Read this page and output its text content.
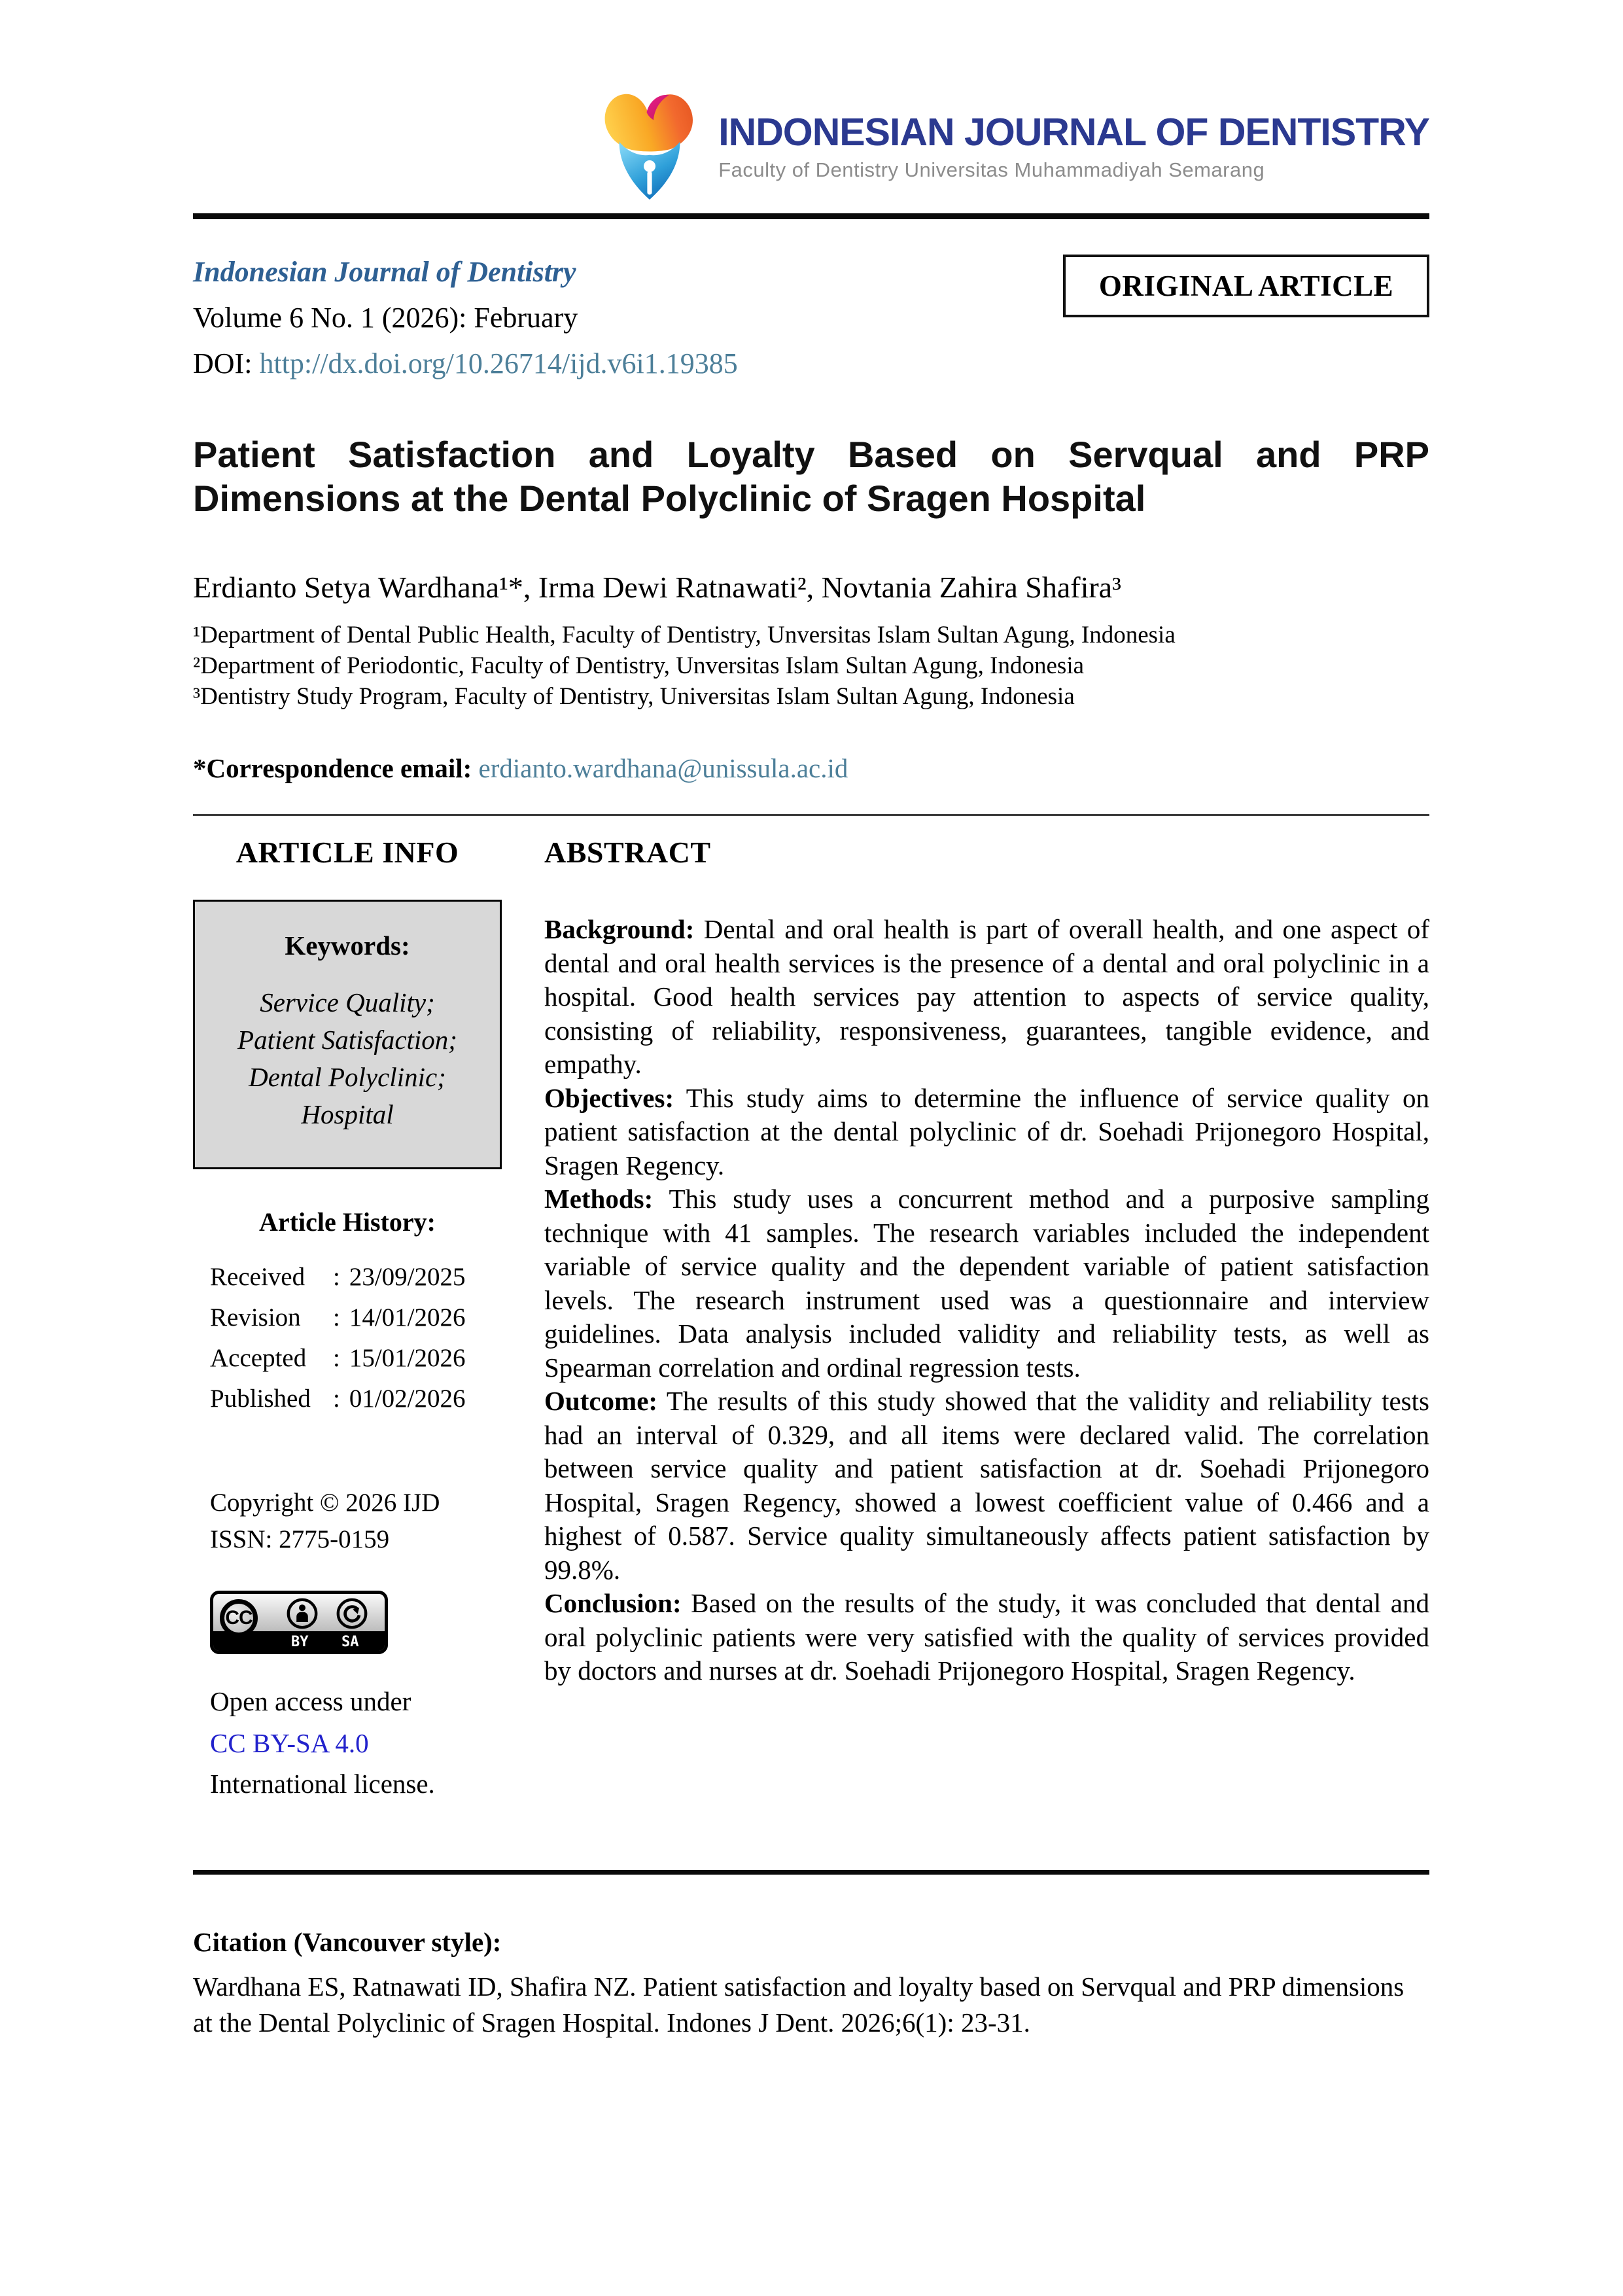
INDONESIAN JOURNAL OF DENTISTRY
Faculty of Dentistry Universitas Muhammadiyah Semarang
Indonesian Journal of Dentistry
Volume 6 No. 1 (2026): February
DOI: http://dx.doi.org/10.26714/ijd.v6i1.19385
ORIGINAL ARTICLE
Patient Satisfaction and Loyalty Based on Servqual and PRP Dimensions at the Dental Polyclinic of Sragen Hospital
Erdianto Setya Wardhana¹*, Irma Dewi Ratnawati², Novtania Zahira Shafira³
¹Department of Dental Public Health, Faculty of Dentistry, Unversitas Islam Sultan Agung, Indonesia
²Department of Periodontic, Faculty of Dentistry, Unversitas Islam Sultan Agung, Indonesia
³Dentistry Study Program, Faculty of Dentistry, Universitas Islam Sultan Agung, Indonesia
*Correspondence email: erdianto.wardhana@unissula.ac.id
ARTICLE INFO
Keywords:
Service Quality;
Patient Satisfaction;
Dental Polyclinic;
Hospital
Article History:
Received : 23/09/2025
Revision : 14/01/2026
Accepted : 15/01/2026
Published : 01/02/2026
Copyright © 2026 IJD
ISSN: 2775-0159
CC
BY SA
Open access under
CC BY-SA 4.0
International license.
ABSTRACT

Background: Dental and oral health is part of overall health, and one aspect of dental and oral health services is the presence of a dental and oral polyclinic in a hospital. Good health services pay attention to aspects of service quality, consisting of reliability, responsiveness, guarantees, tangible evidence, and empathy.

Objectives: This study aims to determine the influence of service quality on patient satisfaction at the dental polyclinic of dr. Soehadi Prijonegoro Hospital, Sragen Regency.

Methods: This study uses a concurrent method and a purposive sampling technique with 41 samples. The research variables included the independent variable of service quality and the dependent variable of patient satisfaction levels. The research instrument used was a questionnaire and interview guidelines. Data analysis included validity and reliability tests, as well as Spearman correlation and ordinal regression tests.

Outcome: The results of this study showed that the validity and reliability tests had an interval of 0.329, and all items were declared valid. The correlation between service quality and patient satisfaction at dr. Soehadi Prijonegoro Hospital, Sragen Regency, showed a lowest coefficient value of 0.466 and a highest of 0.587. Service quality simultaneously affects patient satisfaction by 99.8%.

Conclusion: Based on the results of the study, it was concluded that dental and oral polyclinic patients were very satisfied with the quality of services provided by doctors and nurses at dr. Soehadi Prijonegoro Hospital, Sragen Regency.

Citation (Vancouver style):

Wardhana ES, Ratnawati ID, Shafira NZ. Patient satisfaction and loyalty based on Servqual and PRP dimensions at the Dental Polyclinic of Sragen Hospital. Indones J Dent. 2026;6(1): 23-31.
